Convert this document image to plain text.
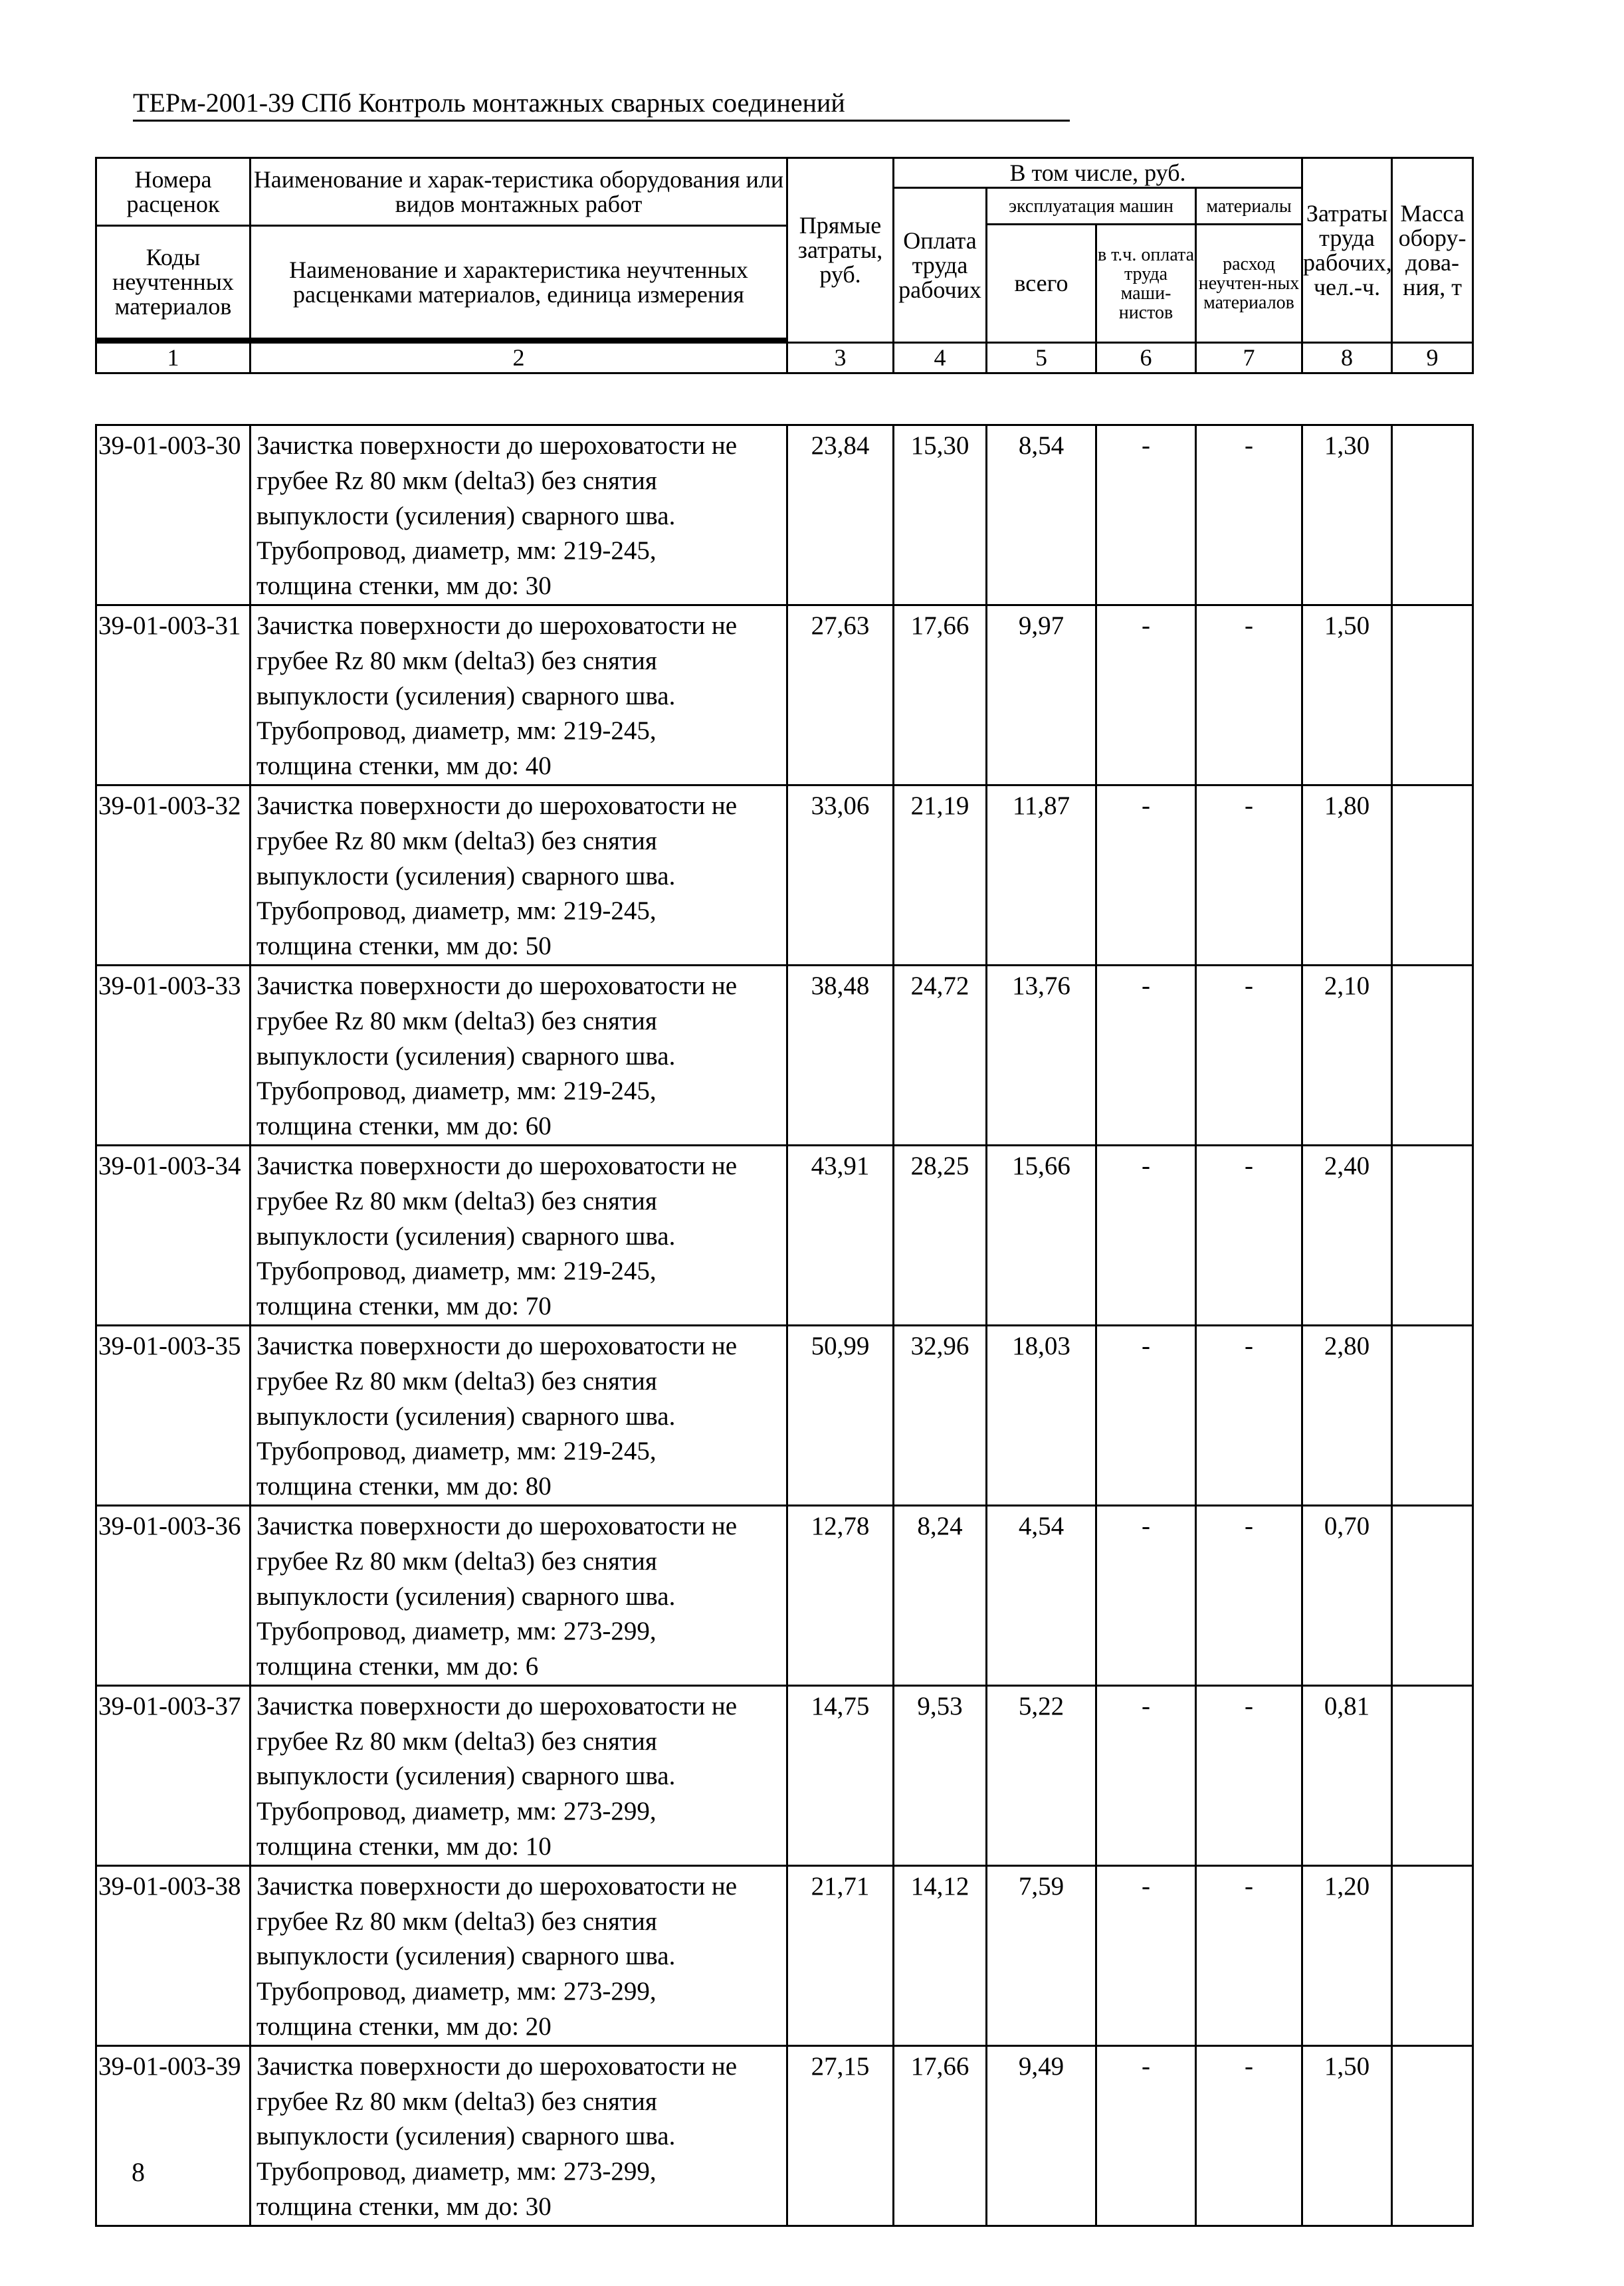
ТЕРм-2001-39 СПб Контроль монтажных сварных соединений
Номера расценок	Наименование и харак-теристика оборудования или видов монтажных работ	Прямые затраты, руб.	В том числе, руб.				Затраты труда рабочих, чел.-ч.	Масса обору-дова-ния, т
			Оплата труда рабочих	эксплуатация машин		материалы		
				всего	в т.ч. оплата труда маши-нистов	расход неучтен-ных материалов		
Коды неучтенных материалов	Наименование и характеристика неучтенных расценками материалов, единица измерения							

1	2	3	4	5	6	7	8	9
39-01-003-30	Зачистка поверхности до шероховатости не
грубее Rz 80 мкм (delta3) без снятия
выпуклости (усиления) сварного шва.
Трубопровод, диаметр, мм: 219-245,
толщина стенки, мм до: 30	23,84	15,30	8,54	-	-	1,30	
39-01-003-31	Зачистка поверхности до шероховатости не
грубее Rz 80 мкм (delta3) без снятия
выпуклости (усиления) сварного шва.
Трубопровод, диаметр, мм: 219-245,
толщина стенки, мм до: 40	27,63	17,66	9,97	-	-	1,50	
39-01-003-32	Зачистка поверхности до шероховатости не
грубее Rz 80 мкм (delta3) без снятия
выпуклости (усиления) сварного шва.
Трубопровод, диаметр, мм: 219-245,
толщина стенки, мм до: 50	33,06	21,19	11,87	-	-	1,80	
39-01-003-33	Зачистка поверхности до шероховатости не
грубее Rz 80 мкм (delta3) без снятия
выпуклости (усиления) сварного шва.
Трубопровод, диаметр, мм: 219-245,
толщина стенки, мм до: 60	38,48	24,72	13,76	-	-	2,10	
39-01-003-34	Зачистка поверхности до шероховатости не
грубее Rz 80 мкм (delta3) без снятия
выпуклости (усиления) сварного шва.
Трубопровод, диаметр, мм: 219-245,
толщина стенки, мм до: 70	43,91	28,25	15,66	-	-	2,40	
39-01-003-35	Зачистка поверхности до шероховатости не
грубее Rz 80 мкм (delta3) без снятия
выпуклости (усиления) сварного шва.
Трубопровод, диаметр, мм: 219-245,
толщина стенки, мм до: 80	50,99	32,96	18,03	-	-	2,80	
39-01-003-36	Зачистка поверхности до шероховатости не
грубее Rz 80 мкм (delta3) без снятия
выпуклости (усиления) сварного шва.
Трубопровод, диаметр, мм: 273-299,
толщина стенки, мм до: 6	12,78	8,24	4,54	-	-	0,70	
39-01-003-37	Зачистка поверхности до шероховатости не
грубее Rz 80 мкм (delta3) без снятия
выпуклости (усиления) сварного шва.
Трубопровод, диаметр, мм: 273-299,
толщина стенки, мм до: 10	14,75	9,53	5,22	-	-	0,81	
39-01-003-38	Зачистка поверхности до шероховатости не
грубее Rz 80 мкм (delta3) без снятия
выпуклости (усиления) сварного шва.
Трубопровод, диаметр, мм: 273-299,
толщина стенки, мм до: 20	21,71	14,12	7,59	-	-	1,20	
39-01-003-39	Зачистка поверхности до шероховатости не
грубее Rz 80 мкм (delta3) без снятия
выпуклости (усиления) сварного шва.
Трубопровод, диаметр, мм: 273-299,
толщина стенки, мм до: 30	27,15	17,66	9,49	-	-	1,50	
8
